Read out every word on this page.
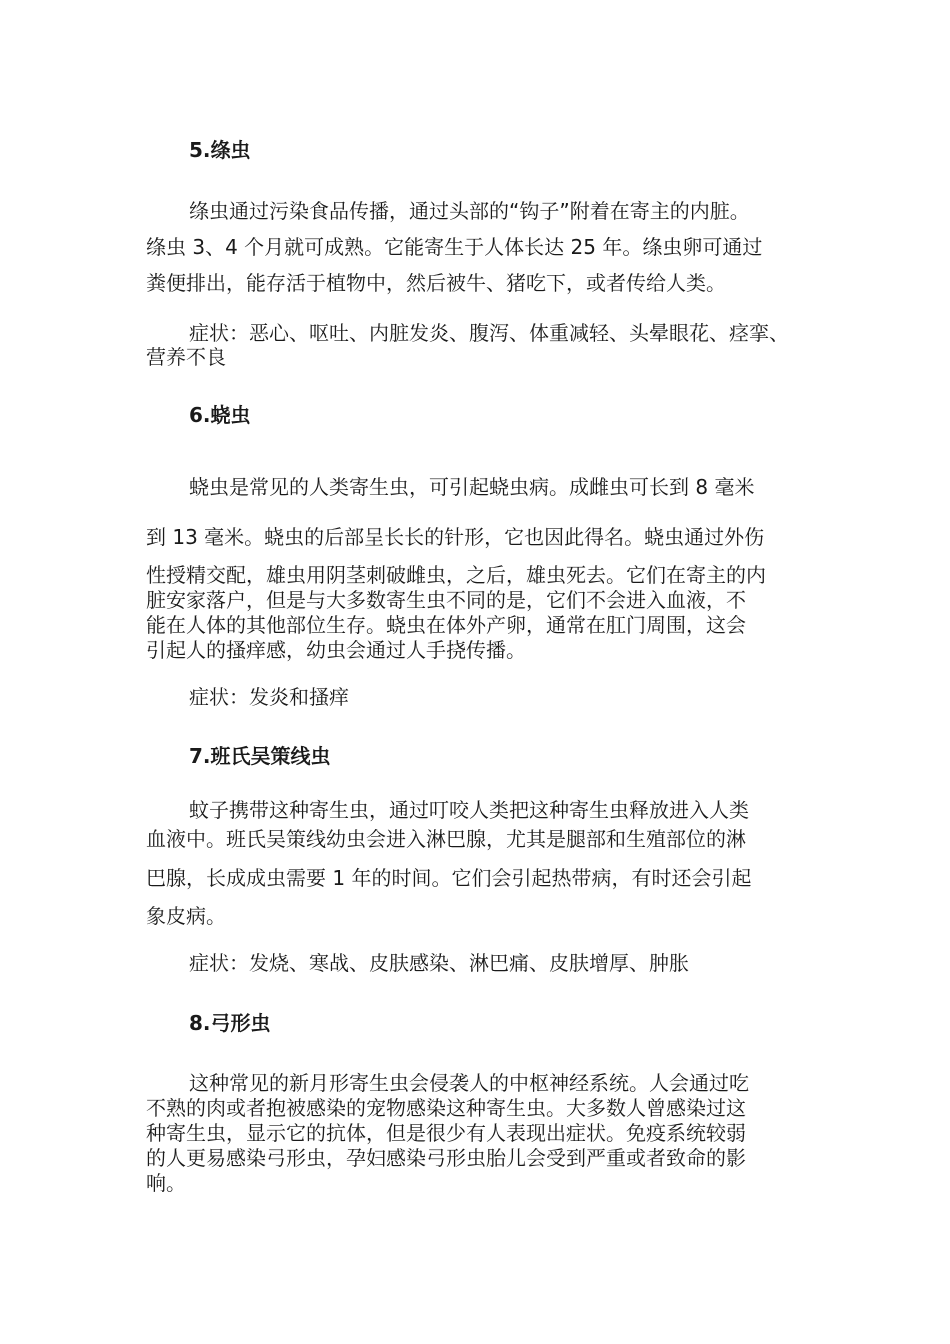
5.绦虫
绦虫通过污染食品传播，通过头部的“钩子”附着在寄主的内脏。
绦虫 3、4 个月就可成熟。它能寄生于人体长达 25 年。绦虫卵可通过
粪便排出，能存活于植物中，然后被牛、猪吃下，或者传给人类。
症状：恶心、呕吐、内脏发炎、腹泻、体重减轻、头晕眼花、痉挛、
营养不良
6.蛲虫
蛲虫是常见的人类寄生虫，可引起蛲虫病。成雌虫可长到 8 毫米
到 13 毫米。蛲虫的后部呈长长的针形，它也因此得名。蛲虫通过外伤
性授精交配，雄虫用阴茎刺破雌虫，之后，雄虫死去。它们在寄主的内
脏安家落户，但是与大多数寄生虫不同的是，它们不会进入血液，不
能在人体的其他部位生存。蛲虫在体外产卵，通常在肛门周围，这会
引起人的搔痒感，幼虫会通过人手挠传播。
症状：发炎和搔痒
7.班氏吴策线虫
蚊子携带这种寄生虫，通过叮咬人类把这种寄生虫释放进入人类
血液中。班氏吴策线幼虫会进入淋巴腺，尤其是腿部和生殖部位的淋
巴腺，长成成虫需要 1 年的时间。它们会引起热带病，有时还会引起
象皮病。
症状：发烧、寒战、皮肤感染、淋巴痛、皮肤增厚、肿胀
8.弓形虫
这种常见的新月形寄生虫会侵袭人的中枢神经系统。人会通过吃
不熟的肉或者抱被感染的宠物感染这种寄生虫。大多数人曾感染过这
种寄生虫，显示它的抗体，但是很少有人表现出症状。免疫系统较弱
的人更易感染弓形虫，孕妇感染弓形虫胎儿会受到严重或者致命的影
响。
